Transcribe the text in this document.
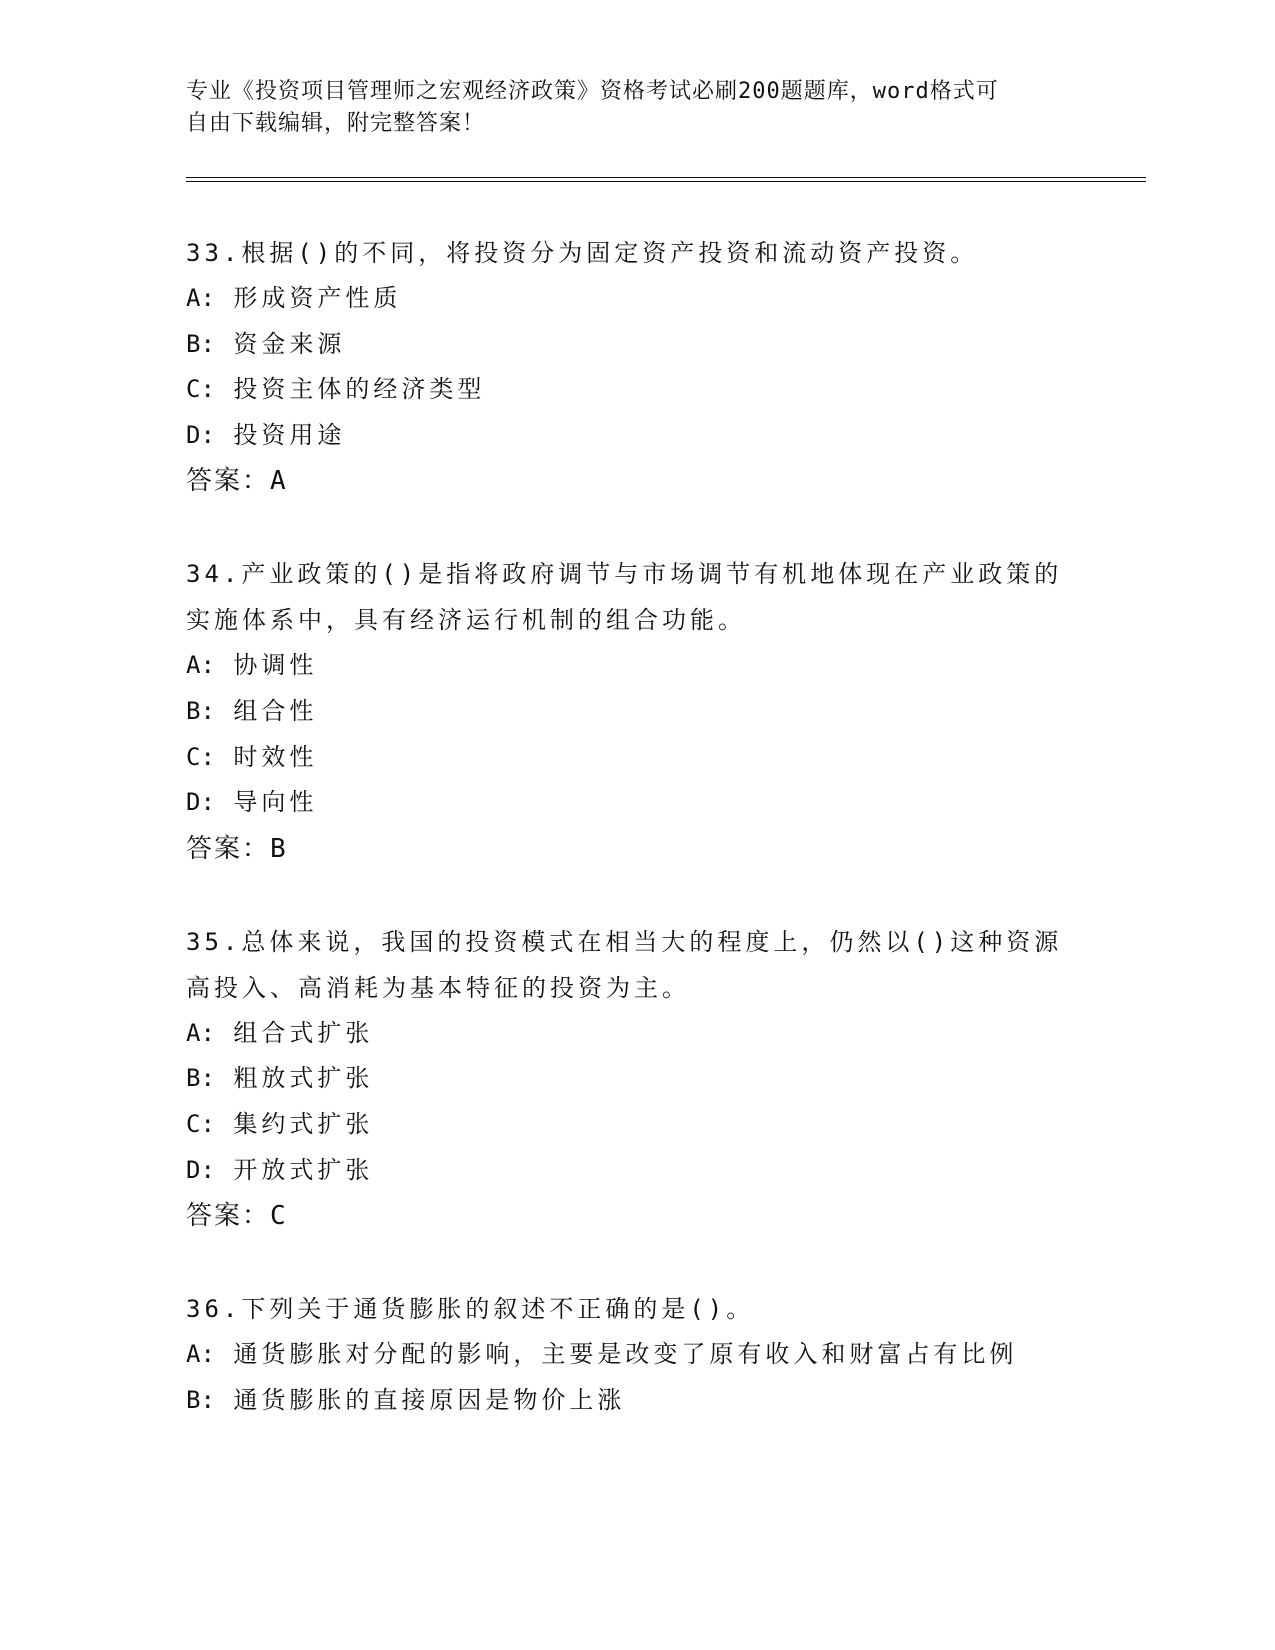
专业《投资项目管理师之宏观经济政策》资格考试必刷200题题库，word格式可
自由下载编辑，附完整答案！
33.根据()的不同，将投资分为固定资产投资和流动资产投资。
A: 形成资产性质
B: 资金来源
C: 投资主体的经济类型
D: 投资用途
答案：A
34.产业政策的()是指将政府调节与市场调节有机地体现在产业政策的实施体系中，具有经济运行机制的组合功能。
A: 协调性
B: 组合性
C: 时效性
D: 导向性
答案：B
35.总体来说，我国的投资模式在相当大的程度上，仍然以()这种资源高投入、高消耗为基本特征的投资为主。
A: 组合式扩张
B: 粗放式扩张
C: 集约式扩张
D: 开放式扩张
答案：C
36.下列关于通货膨胀的叙述不正确的是()。
A: 通货膨胀对分配的影响，主要是改变了原有收入和财富占有比例
B: 通货膨胀的直接原因是物价上涨
